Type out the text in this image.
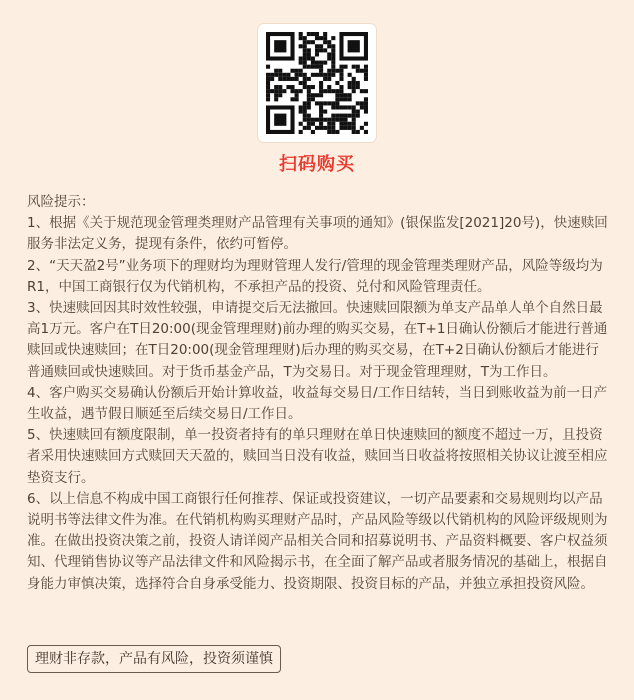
扫码购买

风险提示：

1、根据《关于规范现金管理类理财产品管理有关事项的通知》(银保监发[2021]20号)，快速赎回服务非法定义务，提现有条件，依约可暂停。

2、“天天盈2号”业务项下的理财均为理财管理人发行/管理的现金管理类理财产品，风险等级均为R1，中国工商银行仅为代销机构，不承担产品的投资、兑付和风险管理责任。

3、快速赎回因其时效性较强，申请提交后无法撤回。快速赎回限额为单支产品单人单个自然日最高1万元。客户在T日20:00(现金管理理财)前办理的购买交易，在T+1日确认份额后才能进行普通赎回或快速赎回；在T日20:00(现金管理理财)后办理的购买交易，在T+2日确认份额后才能进行普通赎回或快速赎回。对于货币基金产品，T为交易日。对于现金管理理财，T为工作日。

4、客户购买交易确认份额后开始计算收益，收益每交易日/工作日结转，当日到账收益为前一日产生收益，遇节假日顺延至后续交易日/工作日。

5、快速赎回有额度限制，单一投资者持有的单只理财在单日快速赎回的额度不超过一万，且投资者采用快速赎回方式赎回天天盈的，赎回当日没有收益，赎回当日收益将按照相关协议让渡至相应垫资支行。

6、以上信息不构成中国工商银行任何推荐、保证或投资建议，一切产品要素和交易规则均以产品说明书等法律文件为准。在代销机构购买理财产品时，产品风险等级以代销机构的风险评级规则为准。在做出投资决策之前，投资人请详阅产品相关合同和招募说明书、产品资料概要、客户权益须知、代理销售协议等产品法律文件和风险揭示书，在全面了解产品或者服务情况的基础上，根据自身能力审慎决策，选择符合自身承受能力、投资期限、投资目标的产品，并独立承担投资风险。

理财非存款，产品有风险，投资须谨慎
